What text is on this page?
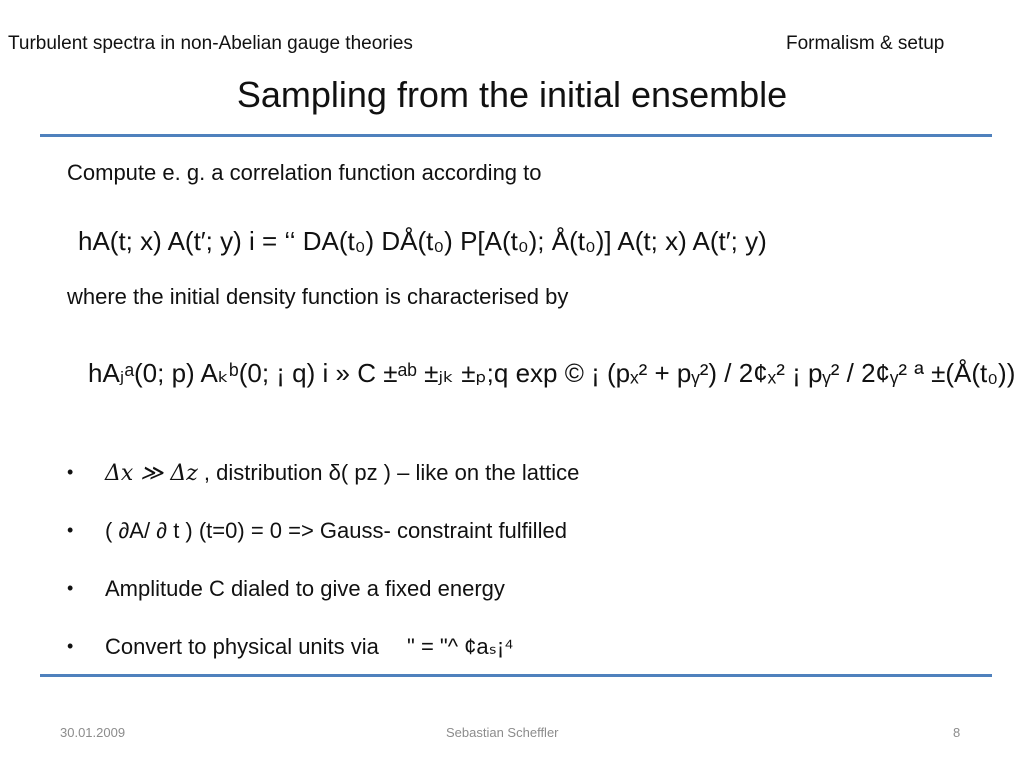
Turbulent spectra in non-Abelian gauge theories	Formalism & setup
Sampling from the initial ensemble
Compute e. g. a correlation function according to
hA(t; x) A(t′; y) i = ‘‘ DA(t₀) DÅ(t₀) P[A(t₀); Å(t₀)] A(t; x) A(t′; y)
where the initial density function is characterised by
hAⱼᵃ(0; p) Aₖᵇ(0; ¡ q) i » C ±ᵃᵇ ±ⱼₖ ±ₚ;q exp © ¡ (pₓ² + pᵧ²) / 2¢ₓ² ¡ pᵧ² / 2¢ᵧ² ª ±(Å(t₀))
• Δx ≫ Δz , distribution δ( pz ) – like on the lattice
• ( ∂A/ ∂ t ) (t=0) = 0 => Gauss- constraint fulfilled
• Amplitude C dialed to give a fixed energy
• Convert to physical units via " = "^ ¢aₛ¡⁴
30.01.2009	Sebastian Scheffler	8
